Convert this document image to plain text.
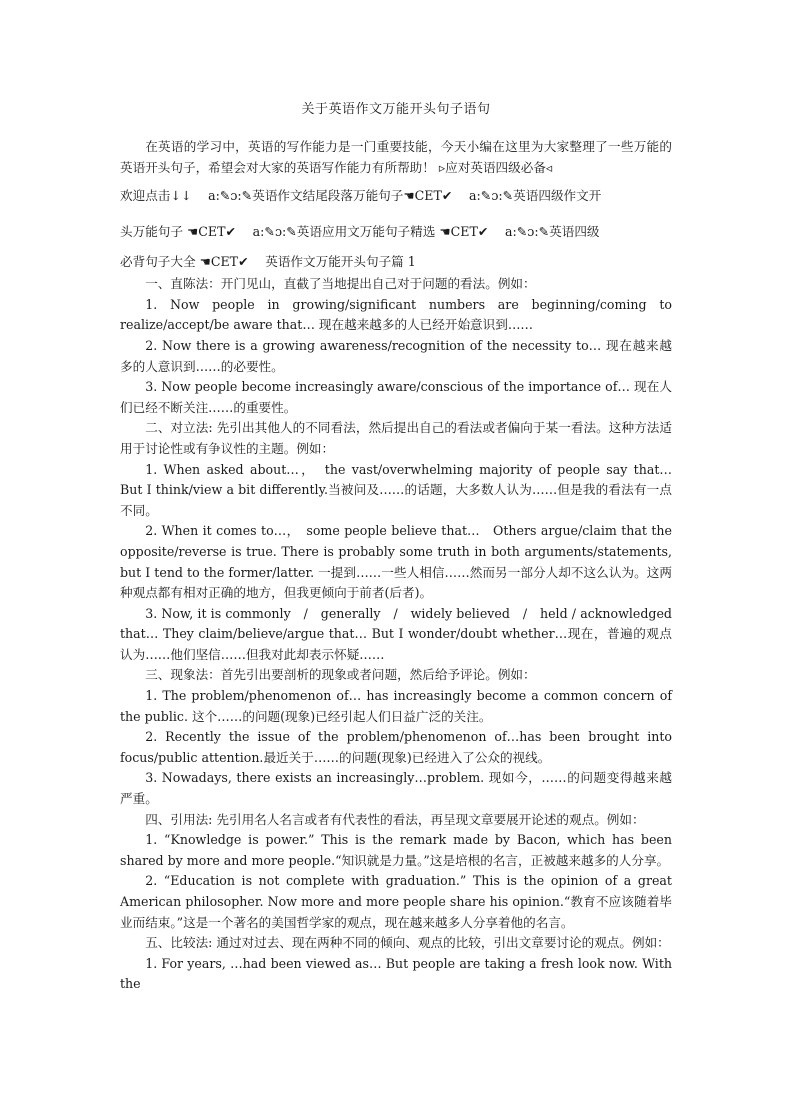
关于英语作文万能开头句子语句

在英语的学习中，英语的写作能力是一门重要技能，今天小编在这里为大家整理了一些万能的英语开头句子，希望会对大家的英语写作能力有所帮助！ ▹应对英语四级必备◃

欢迎点击↓↓　 a:✎ɔ:✎英语作文结尾段落万能句子☚CET✔　 a:✎ɔ:✎英语四级作文开

头万能句子 ☚CET✔　 a:✎ɔ:✎英语应用文万能句子精选 ☚CET✔　 a:✎ɔ:✎英语四级

必背句子大全 ☚CET✔　 英语作文万能开头句子篇 1

一、直陈法：开门见山，直截了当地提出自己对于问题的看法。例如：

1. Now people in growing/significant numbers are beginning/coming to realize/accept/be aware that… 现在越来越多的人已经开始意识到……

2. Now there is a growing awareness/recognition of the necessity to… 现在越来越多的人意识到……的必要性。

3. Now people become increasingly aware/conscious of the importance of… 现在人们已经不断关注……的重要性。

二、对立法: 先引出其他人的不同看法，然后提出自己的看法或者偏向于某一看法。这种方法适用于讨论性或有争议性的主题。例如：

1. When asked about…，　the vast/overwhelming majority of people say that…　But I think/view a bit differently.当被问及……的话题，大多数人认为……但是我的看法有一点不同。

2. When it comes to…，　some people believe that…　Others argue/claim that the opposite/reverse is true. There is probably some truth in both arguments/statements, but I tend to the former/latter. 一提到……一些人相信……然而另一部分人却不这么认为。这两种观点都有相对正确的地方，但我更倾向于前者(后者)。

3. Now, it is commonly　/　generally　/　widely believed　/　held / acknowledged that… They claim/believe/argue that… But I wonder/doubt whether…现在，普遍的观点认为……他们坚信……但我对此却表示怀疑……

三、现象法：首先引出要剖析的现象或者问题，然后给予评论。例如：

1. The problem/phenomenon of… has increasingly become a common concern of the public. 这个……的问题(现象)已经引起人们日益广泛的关注。

2. Recently the issue of the problem/phenomenon of…has been brought into focus/public attention.最近关于……的问题(现象)已经进入了公众的视线。

3. Nowadays, there exists an increasingly…problem. 现如今，……的问题变得越来越严重。

四、引用法: 先引用名人名言或者有代表性的看法，再呈现文章要展开论述的观点。例如：

1. “Knowledge is power.” This is the remark made by Bacon, which has been shared by more and more people.“知识就是力量。”这是培根的名言，正被越来越多的人分享。

2. “Education is not complete with graduation.” This is the opinion of a great American philosopher. Now more and more people share his opinion.“教育不应该随着毕业而结束。”这是一个著名的美国哲学家的观点，现在越来越多人分享着他的名言。

五、比较法: 通过对过去、现在两种不同的倾向、观点的比较，引出文章要讨论的观点。例如：

1. For years, …had been viewed as… But people are taking a fresh look now. With the
